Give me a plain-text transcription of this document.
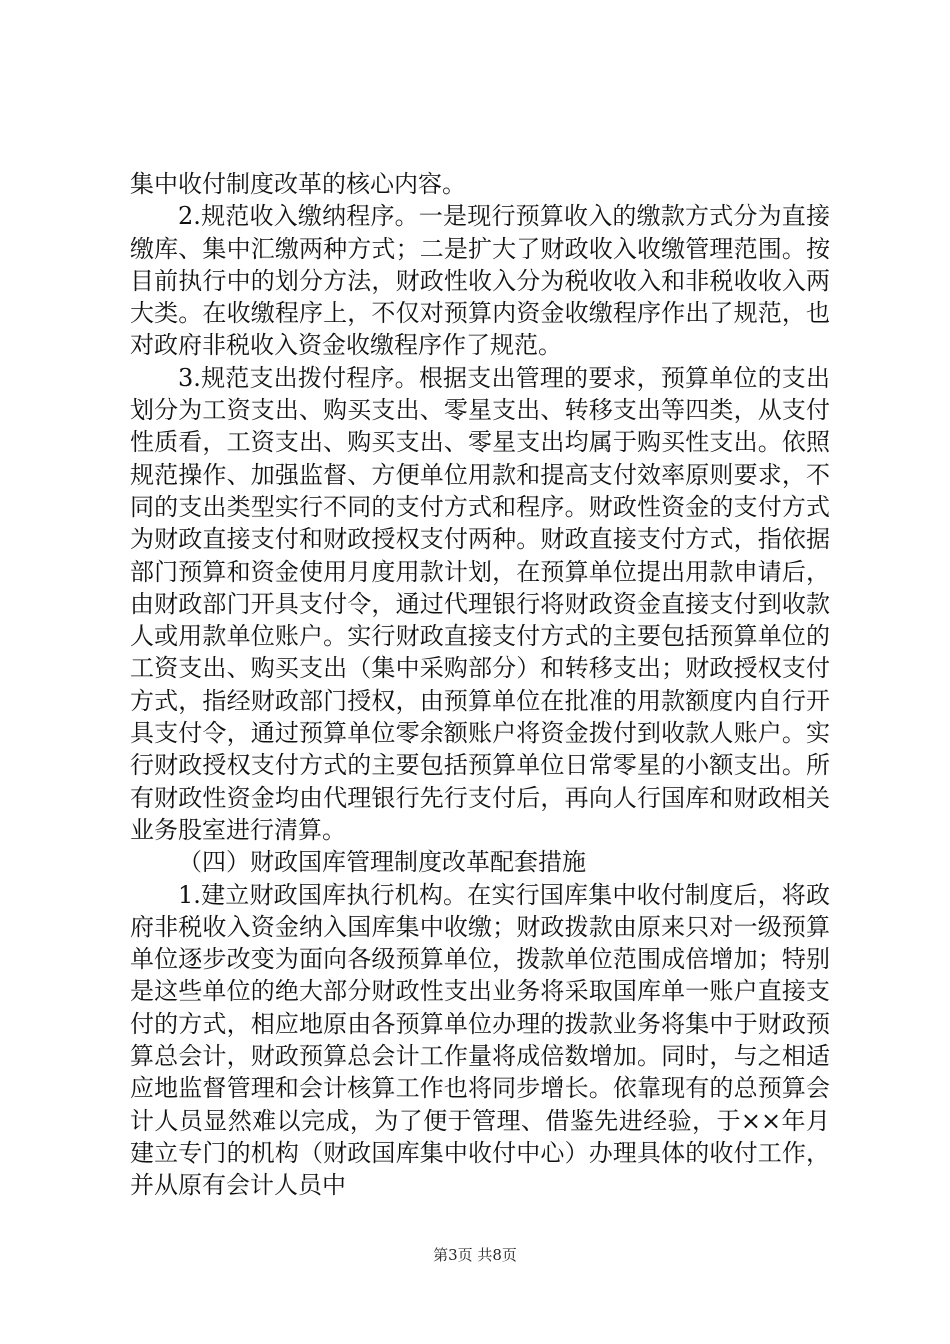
集中收付制度改革的核心内容。

2.规范收入缴纳程序。一是现行预算收入的缴款方式分为直接缴库、集中汇缴两种方式；二是扩大了财政收入收缴管理范围。按目前执行中的划分方法，财政性收入分为税收收入和非税收收入两大类。在收缴程序上，不仅对预算内资金收缴程序作出了规范，也对政府非税收入资金收缴程序作了规范。

3.规范支出拨付程序。根据支出管理的要求，预算单位的支出划分为工资支出、购买支出、零星支出、转移支出等四类，从支付性质看，工资支出、购买支出、零星支出均属于购买性支出。依照规范操作、加强监督、方便单位用款和提高支付效率原则要求，不同的支出类型实行不同的支付方式和程序。财政性资金的支付方式为财政直接支付和财政授权支付两种。财政直接支付方式，指依据部门预算和资金使用月度用款计划，在预算单位提出用款申请后，由财政部门开具支付令，通过代理银行将财政资金直接支付到收款人或用款单位账户。实行财政直接支付方式的主要包括预算单位的工资支出、购买支出（集中采购部分）和转移支出；财政授权支付方式，指经财政部门授权，由预算单位在批准的用款额度内自行开具支付令，通过预算单位零余额账户将资金拨付到收款人账户。实行财政授权支付方式的主要包括预算单位日常零星的小额支出。所有财政性资金均由代理银行先行支付后，再向人行国库和财政相关业务股室进行清算。

（四）财政国库管理制度改革配套措施

1.建立财政国库执行机构。在实行国库集中收付制度后，将政府非税收入资金纳入国库集中收缴；财政拨款由原来只对一级预算单位逐步改变为面向各级预算单位，拨款单位范围成倍增加；特别是这些单位的绝大部分财政性支出业务将采取国库单一账户直接支付的方式，相应地原由各预算单位办理的拨款业务将集中于财政预算总会计，财政预算总会计工作量将成倍数增加。同时，与之相适应地监督管理和会计核算工作也将同步增长。依靠现有的总预算会计人员显然难以完成，为了便于管理、借鉴先进经验，于××年月建立专门的机构（财政国库集中收付中心）办理具体的收付工作，并从原有会计人员中

第3页 共8页
